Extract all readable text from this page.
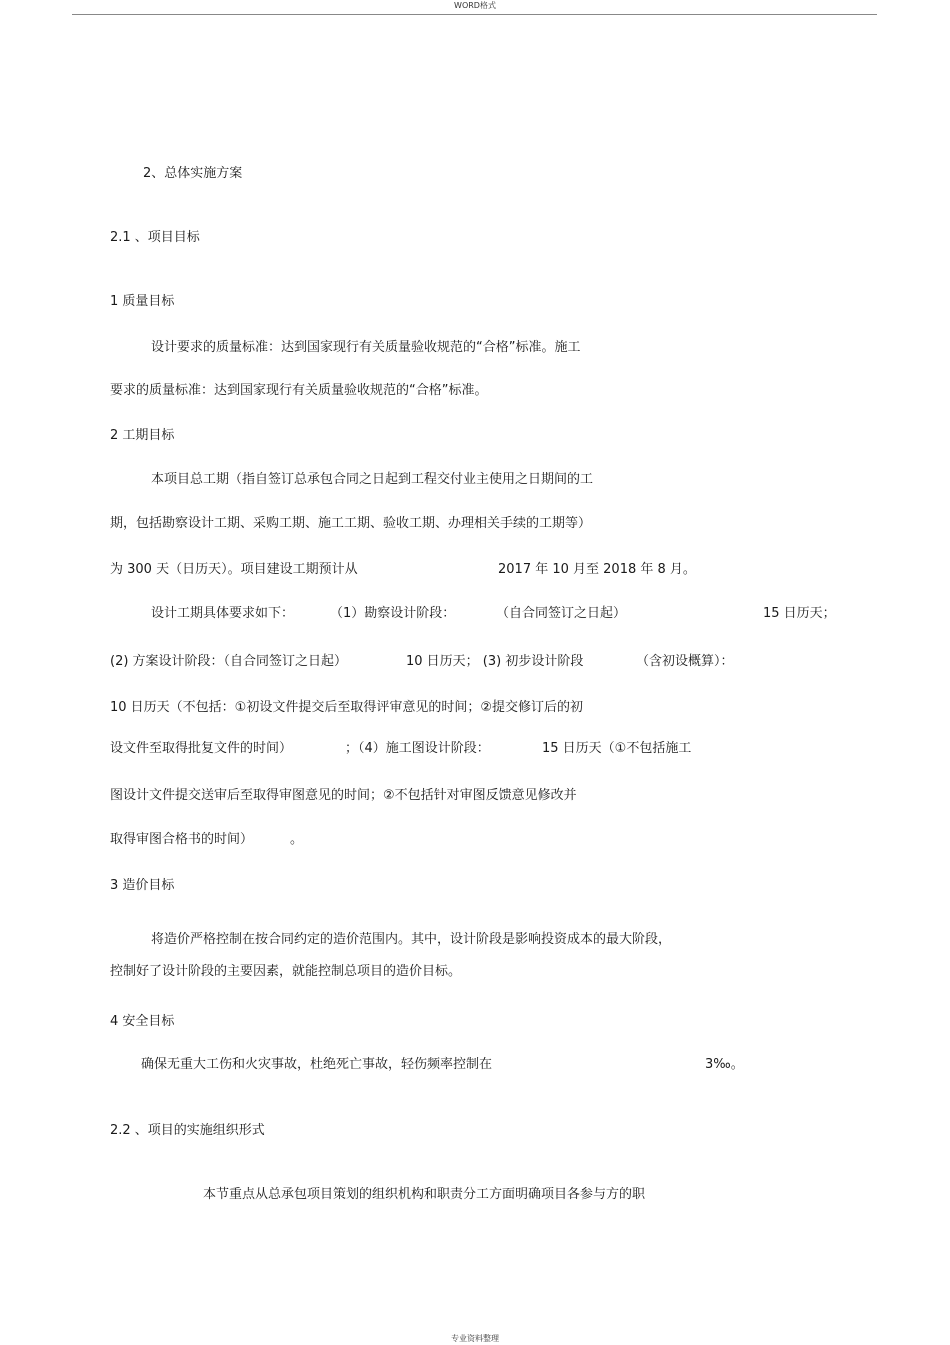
WORD格式
2、总体实施方案
2.1 、项目目标
1 质量目标
设计要求的质量标准：达到国家现行有关质量验收规范的“合格”标准。施工
要求的质量标准：达到国家现行有关质量验收规范的“合格”标准。
2 工期目标
本项目总工期（指自签订总承包合同之日起到工程交付业主使用之日期间的工
期，包括勘察设计工期、采购工期、施工工期、验收工期、办理相关手续的工期等）
为 300 天（日历天）。项目建设工期预计从	2017 年 10 月至 2018 年 8 月。
设计工期具体要求如下：	（1）勘察设计阶段：	（自合同签订之日起）	15 日历天；
(2) 方案设计阶段：（自合同签订之日起）	10 日历天； (3) 初步设计阶段	（含初设概算）：
10 日历天（不包括：①初设文件提交后至取得评审意见的时间；②提交修订后的初
设文件至取得批复文件的时间）	；（4）施工图设计阶段：	15 日历天（①不包括施工
图设计文件提交送审后至取得审图意见的时间；②不包括针对审图反馈意见修改并
取得审图合格书的时间）	。
3 造价目标
将造价严格控制在按合同约定的造价范围内。其中，设计阶段是影响投资成本的最大阶段，
控制好了设计阶段的主要因素，就能控制总项目的造价目标。
4 安全目标
确保无重大工伤和火灾事故，杜绝死亡事故，轻伤频率控制在	3‰。
2.2 、项目的实施组织形式
本节重点从总承包项目策划的组织机构和职责分工方面明确项目各参与方的职
专业资料整理
